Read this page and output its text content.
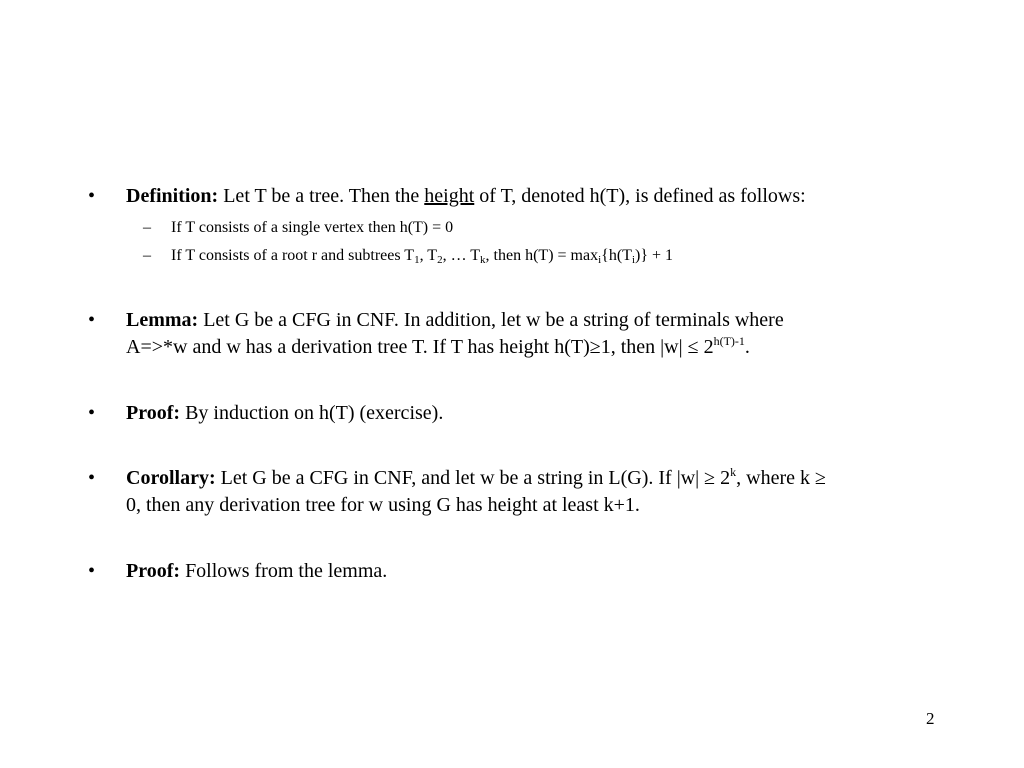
• Definition: Let T be a tree. Then the height of T, denoted h(T), is defined as follows:
– If T consists of a single vertex then h(T) = 0
– If T consists of a root r and subtrees $T_1$, $T_2$, … $T_k$, then $h(T) = \max_i\{h(T_i)\} + 1$
• Lemma: Let G be a CFG in CNF. In addition, let w be a string of terminals where
A=>*w and w has a derivation tree T. If T has height h(T)≥1, then $|w| \le 2^{h(T)-1}$.
• Proof: By induction on h(T) (exercise).
• Corollary: Let G be a CFG in CNF, and let w be a string in L(G). If $|w| \ge 2^k$, where k ≥
0, then any derivation tree for w using G has height at least k+1.
• Proof: Follows from the lemma.
2
